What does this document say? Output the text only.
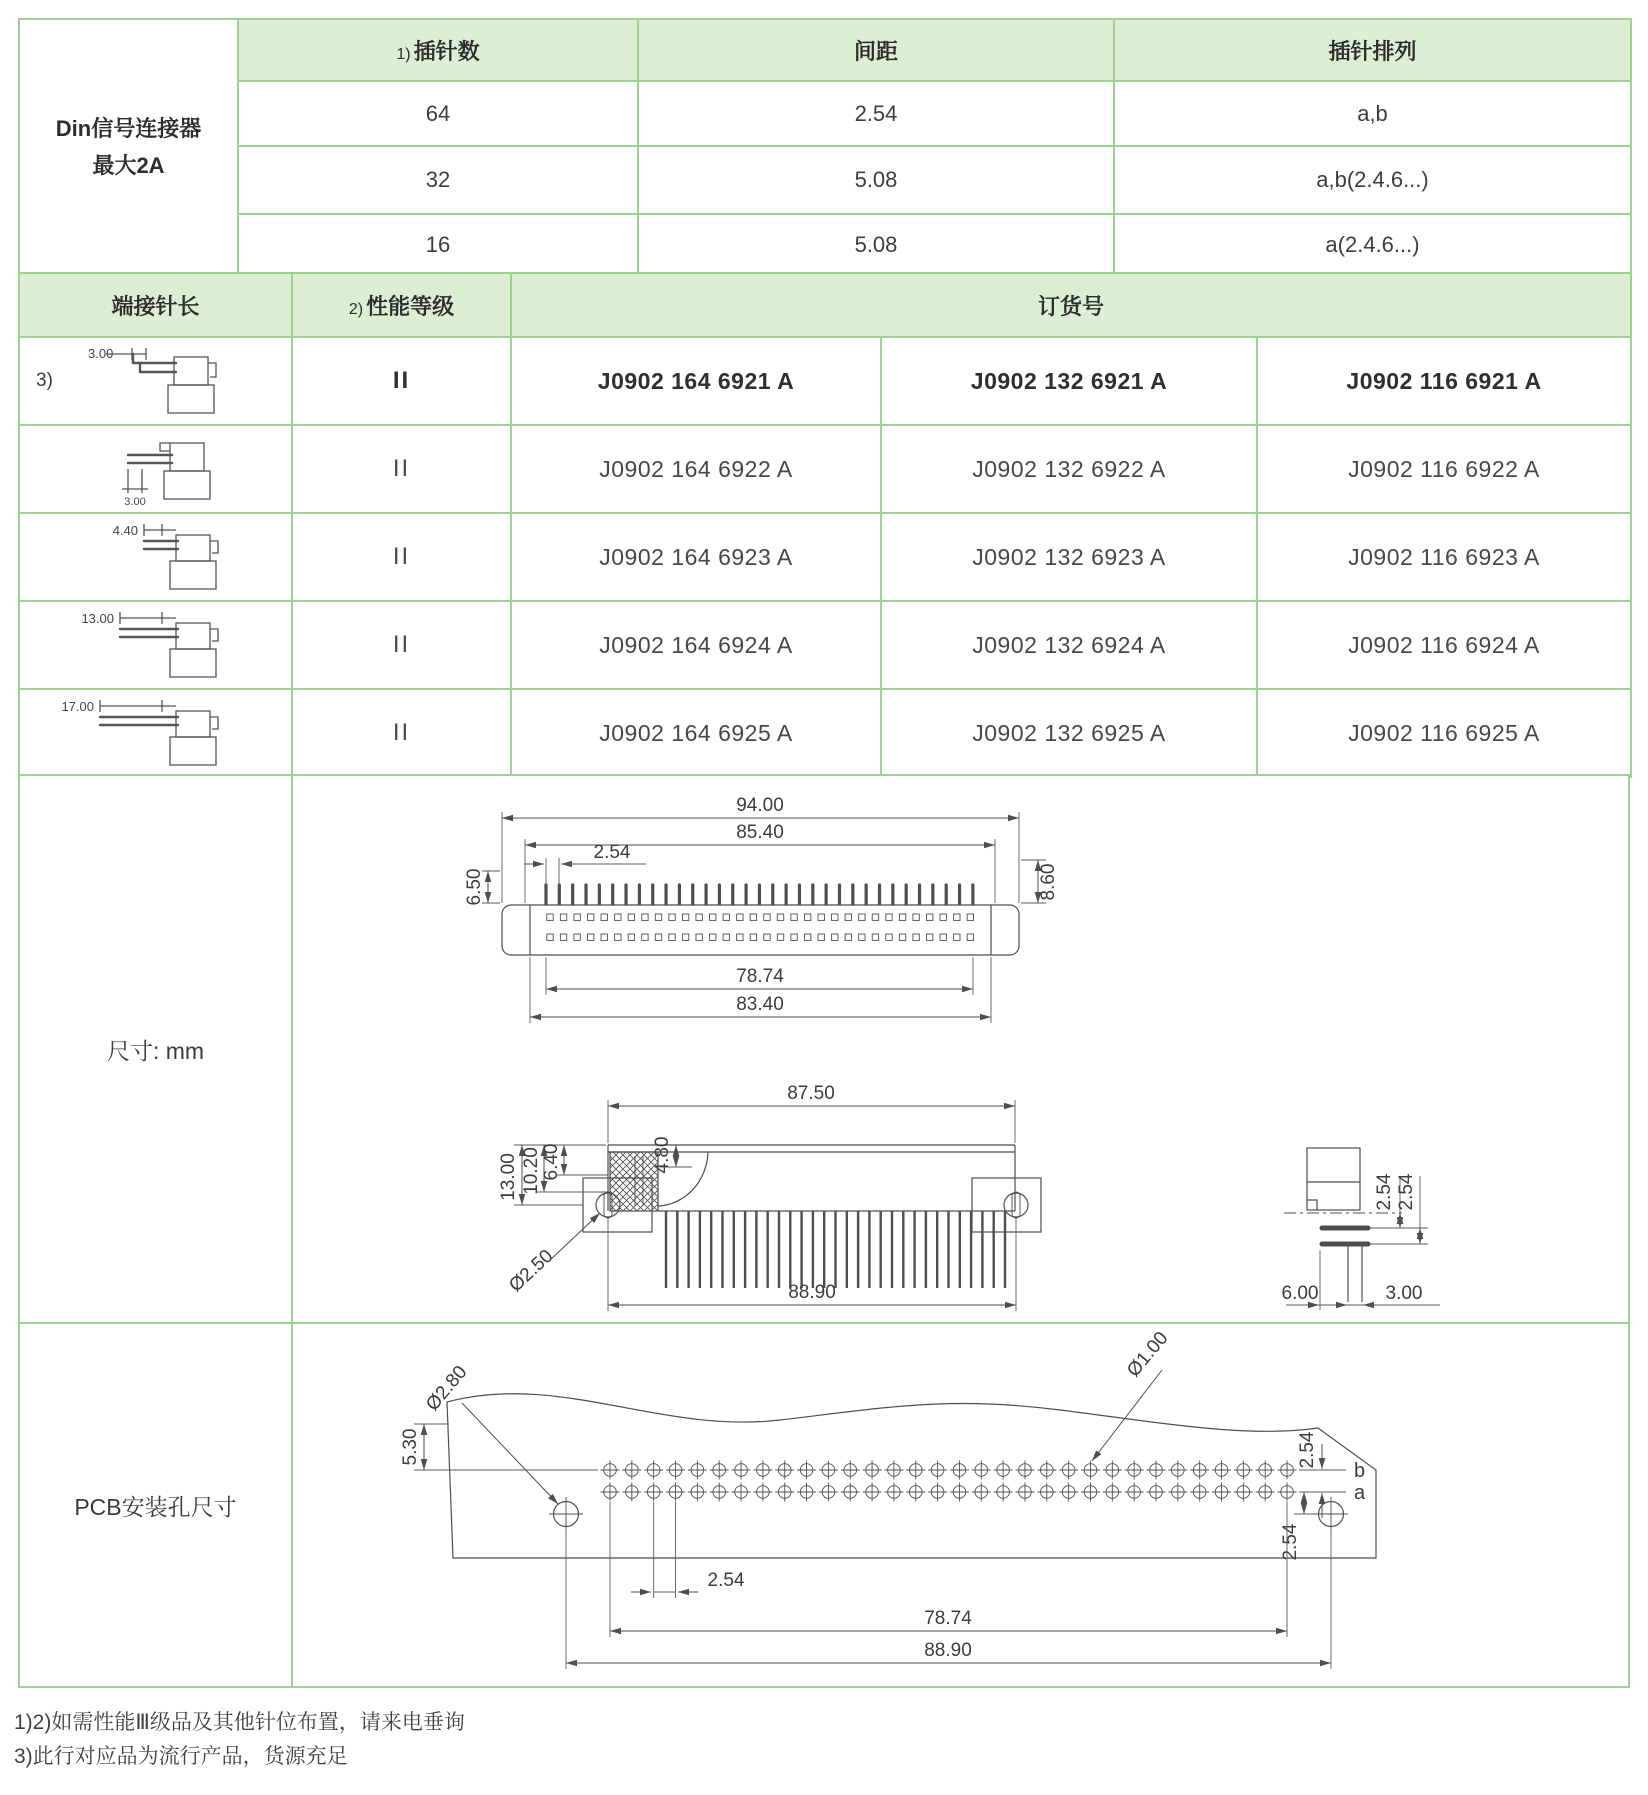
Din信号连接器
最大2A	1) 插针数	间距	插针排列
	64	2.54	a,b
	32	5.08	a,b(2.4.6...)
	16	5.08	a(2.4.6...)
端接针长	2) 性能等级	订货号		

3)
3.00	II	J0902 164 6921 A	J0902 132 6921 A	J0902 116 6921 A

3.00	II	J0902 164 6922 A	J0902 132 6922 A	J0902 116 6922 A

4.40	II	J0902 164 6923 A	J0902 132 6923 A	J0902 116 6923 A

13.00	II	J0902 164 6924 A	J0902 132 6924 A	J0902 116 6924 A

17.00	II	J0902 164 6925 A	J0902 132 6925 A	J0902 116 6925 A
尺寸: mm
94.00
85.40
2.54
6.50	8.60
78.74
83.40
87.50
4.80
13.00 10.20 6.40
Ø2.50	88.90
2.54 2.54
6.00	3.00
PCB安装孔尺寸
Ø2.80
5.30
Ø1.00
b
a
2.54
2.54
2.54
78.74
88.90
1)2)如需性能Ⅲ级品及其他针位布置，请来电垂询
3)此行对应品为流行产品，货源充足
